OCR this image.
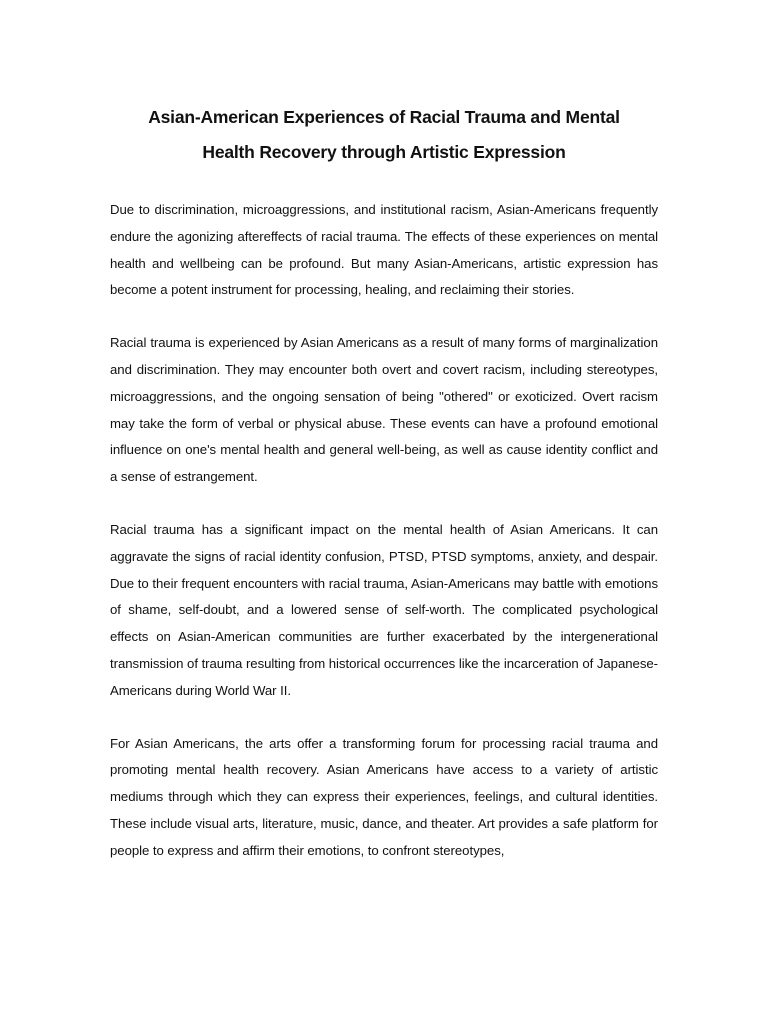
Asian-American Experiences of Racial Trauma and Mental
Health Recovery through Artistic Expression

Due to discrimination, microaggressions, and institutional racism, Asian-Americans frequently endure the agonizing aftereffects of racial trauma. The effects of these experiences on mental health and wellbeing can be profound. But many Asian-Americans, artistic expression has become a potent instrument for processing, healing, and reclaiming their stories.

Racial trauma is experienced by Asian Americans as a result of many forms of marginalization and discrimination. They may encounter both overt and covert racism, including stereotypes, microaggressions, and the ongoing sensation of being "othered" or exoticized. Overt racism may take the form of verbal or physical abuse. These events can have a profound emotional influence on one's mental health and general well-being, as well as cause identity conflict and a sense of estrangement.

Racial trauma has a significant impact on the mental health of Asian Americans. It can aggravate the signs of racial identity confusion, PTSD, PTSD symptoms, anxiety, and despair. Due to their frequent encounters with racial trauma, Asian-Americans may battle with emotions of shame, self-doubt, and a lowered sense of self-worth. The complicated psychological effects on Asian-American communities are further exacerbated by the intergenerational transmission of trauma resulting from historical occurrences like the incarceration of Japanese-Americans during World War II.

For Asian Americans, the arts offer a transforming forum for processing racial trauma and promoting mental health recovery. Asian Americans have access to a variety of artistic mediums through which they can express their experiences, feelings, and cultural identities. These include visual arts, literature, music, dance, and theater. Art provides a safe platform for people to express and affirm their emotions, to confront stereotypes,
